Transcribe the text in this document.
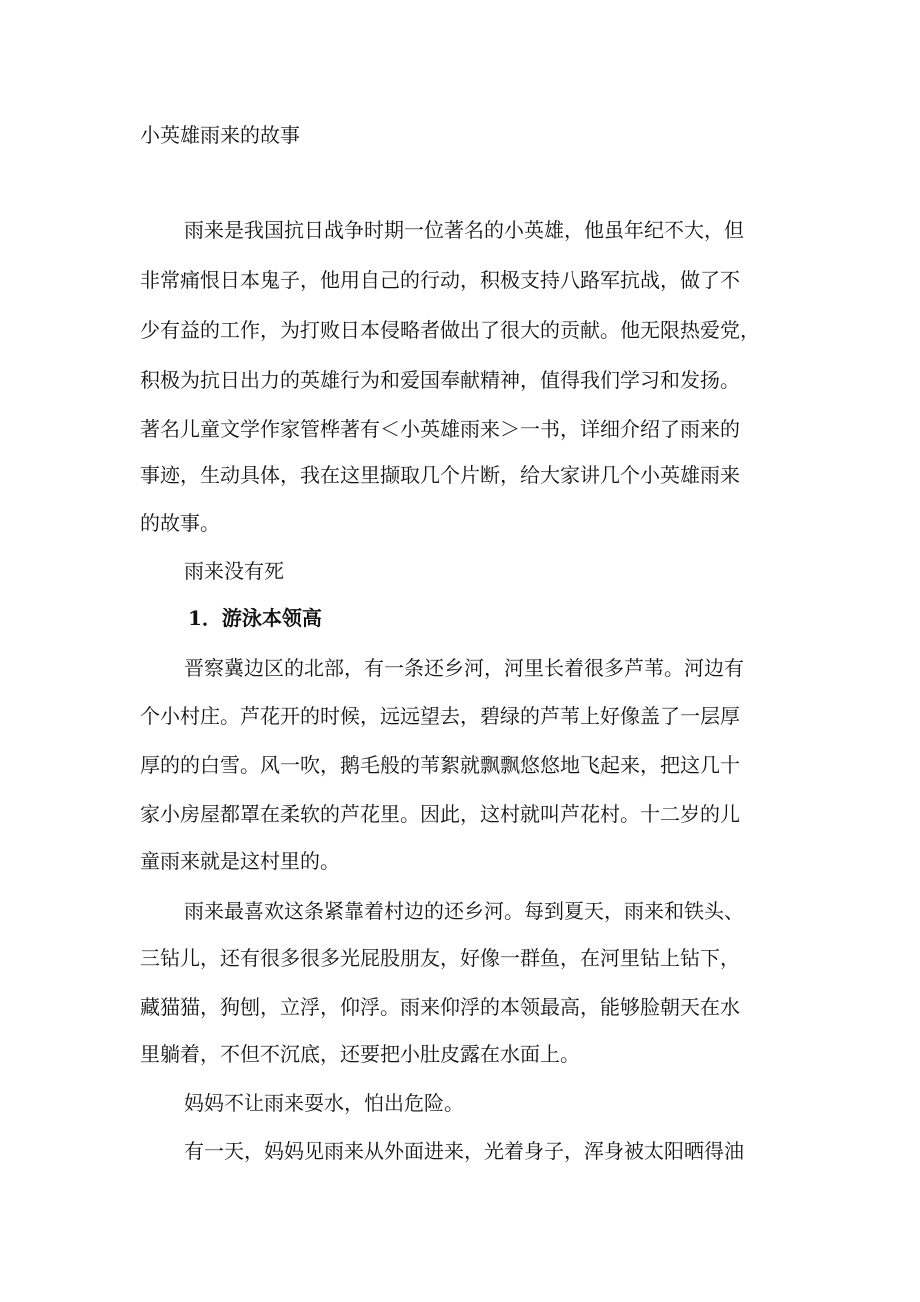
小英雄雨来的故事
雨来是我国抗日战争时期一位著名的小英雄，他虽年纪不大，但
非常痛恨日本鬼子，他用自己的行动，积极支持八路军抗战，做了不
少有益的工作，为打败日本侵略者做出了很大的贡献。他无限热爱党，
积极为抗日出力的英雄行为和爱国奉献精神，值得我们学习和发扬。
著名儿童文学作家管桦著有＜小英雄雨来＞一书，详细介绍了雨来的
事迹，生动具体，我在这里撷取几个片断，给大家讲几个小英雄雨来
的故事。
雨来没有死
1．游泳本领高
晋察冀边区的北部，有一条还乡河，河里长着很多芦苇。河边有
个小村庄。芦花开的时候，远远望去，碧绿的芦苇上好像盖了一层厚
厚的的白雪。风一吹，鹅毛般的苇絮就飘飘悠悠地飞起来，把这几十
家小房屋都罩在柔软的芦花里。因此，这村就叫芦花村。十二岁的儿
童雨来就是这村里的。
雨来最喜欢这条紧靠着村边的还乡河。每到夏天，雨来和铁头、
三钻儿，还有很多很多光屁股朋友，好像一群鱼，在河里钻上钻下，
藏猫猫，狗刨，立浮，仰浮。雨来仰浮的本领最高，能够脸朝天在水
里躺着，不但不沉底，还要把小肚皮露在水面上。
妈妈不让雨来耍水，怕出危险。
有一天，妈妈见雨来从外面进来，光着身子，浑身被太阳晒得油
